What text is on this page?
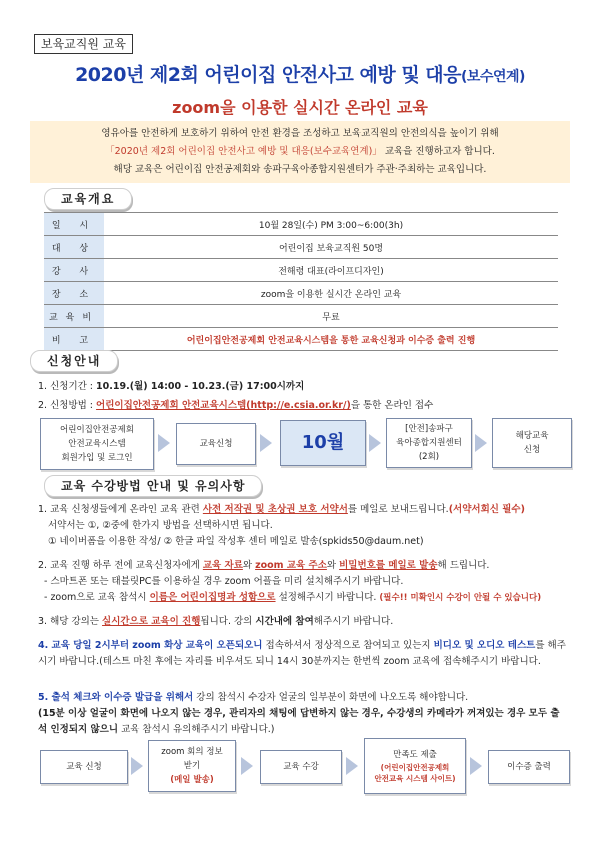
보육교직원 교육
2020년 제2회 어린이집 안전사고 예방 및 대응(보수연계)
zoom을 이용한 실시간 온라인 교육
영유아를 안전하게 보호하기 위하여 안전 환경을 조성하고 보육교직원의 안전의식을 높이기 위해
「2020년 제2회 어린이집 안전사고 예방 및 대응(보수교육연계)」 교육을 진행하고자 합니다.
해당 교육은 어린이집 안전공제회와 송파구육아종합지원센터가 주관·주최하는 교육입니다.
교육개요
일 시	10월 28일(수) PM 3:00~6:00(3h)
대 상	어린이집 보육교직원 50명
강 사	전해령 대표(라이프디자인)
장 소	zoom을 이용한 실시간 온라인 교육
교육비	무료
비 고	어린이집안전공제회 안전교육시스템을 통한 교육신청과 이수증 출력 진행
신청안내
1. 신청기간 : 10.19.(월) 14:00 - 10.23.(금) 17:00시까지
2. 신청방법 : 어린이집안전공제회 안전교육시스템(http://e.csia.or.kr/)을 통한 온라인 접수
어린이집안전공제회
안전교육시스템
회원가입 및 로그인
교육신청	10월
[안전]송파구
육아종합지원센터
(2회)
해당교육
신청
교육 수강방법 안내 및 유의사항
1. 교육 신청생들에게 온라인 교육 관련 사전 저작권 및 초상권 보호 서약서를 메일로 보내드립니다.(서약서회신 필수)
서약서는 ①, ②중에 한가지 방법을 선택하시면 됩니다.
① 네이버폼을 이용한 작성/ ② 한글 파일 작성후 센터 메일로 발송(spkids50@daum.net)
2. 교육 진행 하루 전에 교육신청자에게 교육 자료와 zoom 교육 주소와 비밀번호를 메일로 발송해 드립니다.
- 스마트폰 또는 태블릿PC를 이용하실 경우 zoom 어플을 미리 설치해주시기 바랍니다.
- zoom으로 교육 참석시 이름은 어린이집명과 성함으로 설정해주시기 바랍니다. (필수!! 미확인시 수강이 안될 수 있습니다)
3. 해당 강의는 실시간으로 교육이 진행됩니다. 강의 시간내에 참여해주시기 바랍니다.
4. 교육 당일 2시부터 zoom 화상 교육이 오픈되오니 접속하셔서 정상적으로 참여되고 있는지 비디오 및 오디오 테스트를 해주시기 바랍니다.(테스트 마친 후에는 자리를 비우셔도 되니 14시 30분까지는 한번씩 zoom 교육에 접속해주시기 바랍니다.
5. 출석 체크와 이수증 발급을 위해서 강의 참석시 수강자 얼굴의 일부분이 화면에 나오도록 해야합니다.
(15분 이상 얼굴이 화면에 나오지 않는 경우, 관리자의 채팅에 답변하지 않는 경우, 수강생의 카메라가 꺼져있는 경우 모두 출석 인정되지 않으니 교육 참석시 유의해주시기 바랍니다.)
교육 신청
zoom 회의 정보
받기
(메일 발송)
교육 수강
만족도 제출
(어린이집안전공제회
안전교육 시스템 사이트)
이수증 출력
